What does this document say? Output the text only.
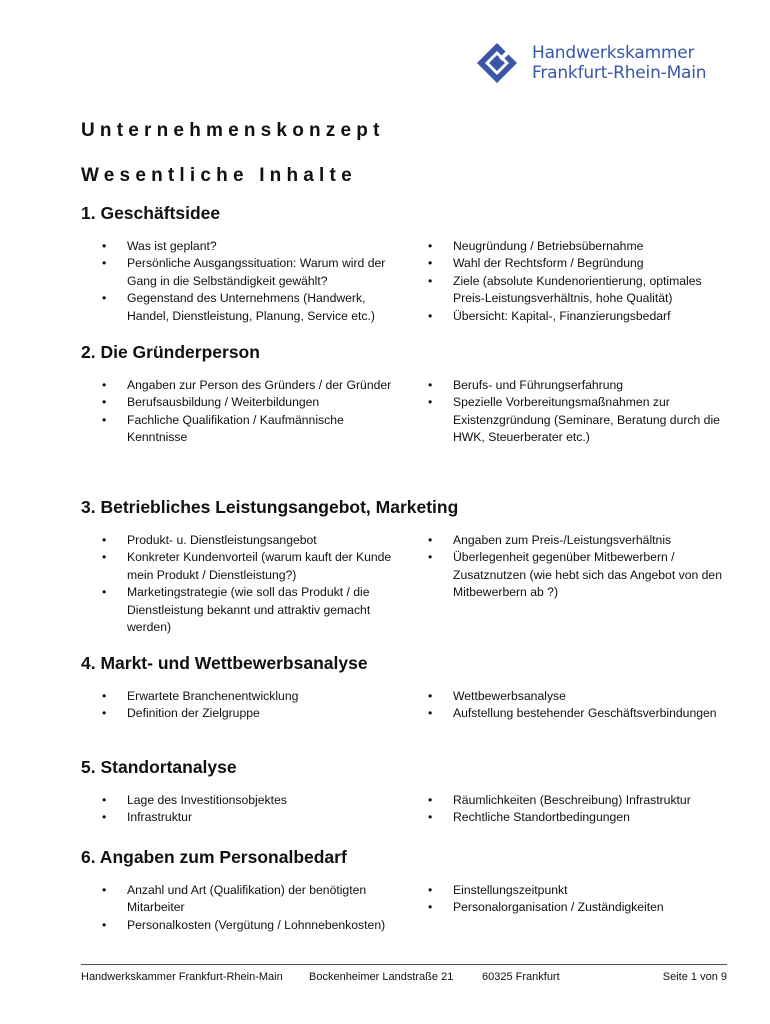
Handwerkskammer
Frankfurt-Rhein-Main
Unternehmenskonzept
Wesentliche Inhalte
1. Geschäftsidee
• Was ist geplant?
• Persönliche Ausgangssituation: Warum wird der Gang in die Selbständigkeit gewählt?
• Gegenstand des Unternehmens (Handwerk, Handel, Dienstleistung, Planung, Service etc.)
• Neugründung / Betriebsübernahme
• Wahl der Rechtsform / Begründung
• Ziele (absolute Kundenorientierung, optimales Preis-Leistungsverhältnis, hohe Qualität)
• Übersicht: Kapital-, Finanzierungsbedarf
2. Die Gründerperson
• Angaben zur Person des Gründers / der Gründer
• Berufsausbildung / Weiterbildungen
• Fachliche Qualifikation / Kaufmännische Kenntnisse
• Berufs- und Führungserfahrung
• Spezielle Vorbereitungsmaßnahmen zur Existenzgründung (Seminare, Beratung durch die HWK, Steuerberater etc.)
3. Betriebliches Leistungsangebot, Marketing
• Produkt- u. Dienstleistungsangebot
• Konkreter Kundenvorteil (warum kauft der Kunde mein Produkt / Dienstleistung?)
• Marketingstrategie (wie soll das Produkt / die Dienstleistung bekannt und attraktiv gemacht werden)
• Angaben zum Preis-/Leistungsverhältnis
• Überlegenheit gegenüber Mitbewerbern / Zusatznutzen (wie hebt sich das Angebot von den Mitbewerbern ab ?)
4. Markt- und Wettbewerbsanalyse
• Erwartete Branchenentwicklung
• Definition der Zielgruppe
• Wettbewerbsanalyse
• Aufstellung bestehender Geschäftsverbindungen
5. Standortanalyse
• Lage des Investitionsobjektes
• Infrastruktur
• Räumlichkeiten (Beschreibung) Infrastruktur
• Rechtliche Standortbedingungen
6. Angaben zum Personalbedarf
• Anzahl und Art (Qualifikation) der benötigten Mitarbeiter
• Personalkosten (Vergütung / Lohnnebenkosten)
• Einstellungszeitpunkt
• Personalorganisation / Zuständigkeiten
Handwerkskammer Frankfurt-Rhein-Main Bockenheimer Landstraße 21	60325 Frankfurt	Seite 1 von 9
